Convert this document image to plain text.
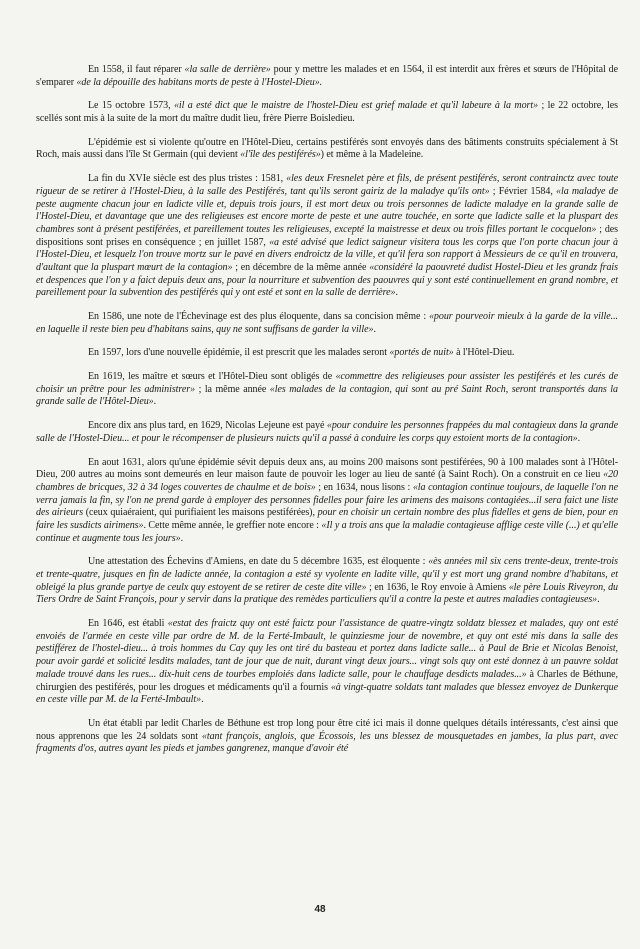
En 1558, il faut réparer «la salle de derrière» pour y mettre les malades et en 1564, il est interdit aux frères et sœurs de l'Hôpital de s'emparer «de la dépouille des habitans morts de peste à l'Hostel-Dieu».

Le 15 octobre 1573, «il a esté dict que le maistre de l'hostel-Dieu est grief malade et qu'il labeure à la mort» ; le 22 octobre, les scellés sont mis à la suite de la mort du maître dudit lieu, frère Pierre Boisledieu.

L'épidémie est si violente qu'outre en l'Hôtel-Dieu, certains pestiférés sont envoyés dans des bâtiments construits spécialement à St Roch, mais aussi dans l'île St Germain (qui devient «l'île des pestiférés») et même à la Madeleine.

La fin du XVIe siècle est des plus tristes : 1581, «les deux Fresnelet père et fils, de présent pestiférés, seront contrainctz avec toute rigueur de se retirer à l'Hostel-Dieu, à la salle des Pestiférés, tant qu'ils seront gairiz de la maladye qu'ils ont» ; Février 1584, «la maladye de peste augmente chacun jour en ladicte ville et, depuis trois jours, il est mort deux ou trois personnes de ladicte maladye en la grande salle de l'Hostel-Dieu, et davantage que une des religieuses est encore morte de peste et une autre touchée, en sorte que ladicte salle et la pluspart des chambres sont à présent pestiférées, et pareillement toutes les religieuses, excepté la maistresse et deux ou trois filles portant le cocquelon» ; des dispositions sont prises en conséquence ; en juillet 1587, «a esté advisé que ledict saigneur visitera tous les corps que l'on porte chacun jour à l'Hostel-Dieu, et lesquelz l'on trouve mortz sur le pavé en divers endroictz de la ville, et qu'il fera son rapport à Messieurs de ce qu'il en trouvera, d'aultant que la pluspart mœurt de la contagion» ; en décembre de la même année «considéré la paouvreté dudist Hostel-Dieu et les grandz frais et despences que l'on y a faict depuis deux ans, pour la nourriture et subvention des paouvres qui y sont esté continuellement en grand nombre, et pareillement pour la subvention des pestiférés qui y ont esté et sont en la salle de derrière».

En 1586, une note de l'Échevinage est des plus éloquente, dans sa concision même : «pour pourveoir mieulx à la garde de la ville... en laquelle il reste bien peu d'habitans sains, quy ne sont suffisans de garder la ville».

En 1597, lors d'une nouvelle épidémie, il est prescrit que les malades seront «portés de nuit» à l'Hôtel-Dieu.

En 1619, les maître et sœurs et l'Hôtel-Dieu sont obligés de «commettre des religieuses pour assister les pestiférés et les curés de choisir un prêtre pour les administrer» ; la même année «les malades de la contagion, qui sont au pré Saint Roch, seront transportés dans la grande salle de l'Hôtel-Dieu».

Encore dix ans plus tard, en 1629, Nicolas Lejeune est payé «pour conduire les personnes frappées du mal contagieux dans la grande salle de l'Hostel-Dieu... et pour le récompenser de plusieurs nuicts qu'il a passé à conduire les corps quy estoient morts de la contagion».

En aout 1631, alors qu'une épidémie sévit depuis deux ans, au moins 200 maisons sont pestiférées, 90 à 100 malades sont à l'Hôtel-Dieu, 200 autres au moins sont demeurés en leur maison faute de pouvoir les loger au lieu de santé (à Saint Roch). On a construit en ce lieu «20 chambres de bricques, 32 à 34 loges couvertes de chaulme et de bois» ; en 1634, nous lisons : «la contagion continue toujours, de laquelle l'on ne verra jamais la fin, sy l'on ne prend garde à employer des personnes fidelles pour faire les arimens des maisons contagiées...il sera faict une liste des airieurs (ceux quiaéraient, qui purifiaient les maisons pestiférées), pour en choisir un certain nombre des plus fidelles et gens de bien, pour en faire les susdicts airimens». Cette même année, le greffier note encore : «Il y a trois ans que la maladie contagieuse afflige ceste ville (...) et qu'elle continue et augmente tous les jours».

Une attestation des Échevins d'Amiens, en date du 5 décembre 1635, est éloquente : «ès années mil six cens trente-deux, trente-trois et trente-quatre, jusques en fin de ladicte année, la contagion a esté sy vyolente en ladite ville, qu'il y est mort ung grand nombre d'habitans, et obleigé la plus grande partye de ceulx quy estoyent de se retirer de ceste dite ville» ; en 1636, le Roy envoie à Amiens «le père Louis Riveyron, du Tiers Ordre de Saint François, pour y servir dans la pratique des remèdes particuliers qu'il a contre la peste et autres maladies contagieuses».

En 1646, est établi «estat des fraictz quy ont esté faictz pour l'assistance de quatre-vingtz soldatz blessez et malades, quy ont esté envoiés de l'armée en ceste ville par ordre de M. de la Ferté-Imbault, le quinziesme jour de novembre, et quy ont esté mis dans la salle des pestifférez de l'hostel-dieu... à trois hommes du Cay quy les ont tiré du basteau et portez dans ladicte salle... à Paul de Brie et Nicolas Benoist, pour avoir gardé et solicité lesdits malades, tant de jour que de nuit, durant vingt deux jours... vingt sols quy ont esté donnez à un pauvre soldat malade trouvé dans les rues... dix-huit cens de tourbes emploiés dans ladicte salle, pour le chauffage desdicts malades...» à Charles de Béthune, chirurgien des pestiférés, pour les drogues et médicaments qu'il a fournis «à vingt-quatre soldats tant malades que blessez envoyez de Dunkerque en ceste ville par M. de la Ferté-Imbault».

Un état établi par ledit Charles de Béthune est trop long pour être cité ici mais il donne quelques détails intéressants, c'est ainsi que nous apprenons que les 24 soldats sont «tant françois, anglois, que Écossois, les uns blessez de mousquetades en jambes, la plus part, avec fragments d'os, autres ayant les pieds et jambes gangrenez, manque d'avoir été

48
